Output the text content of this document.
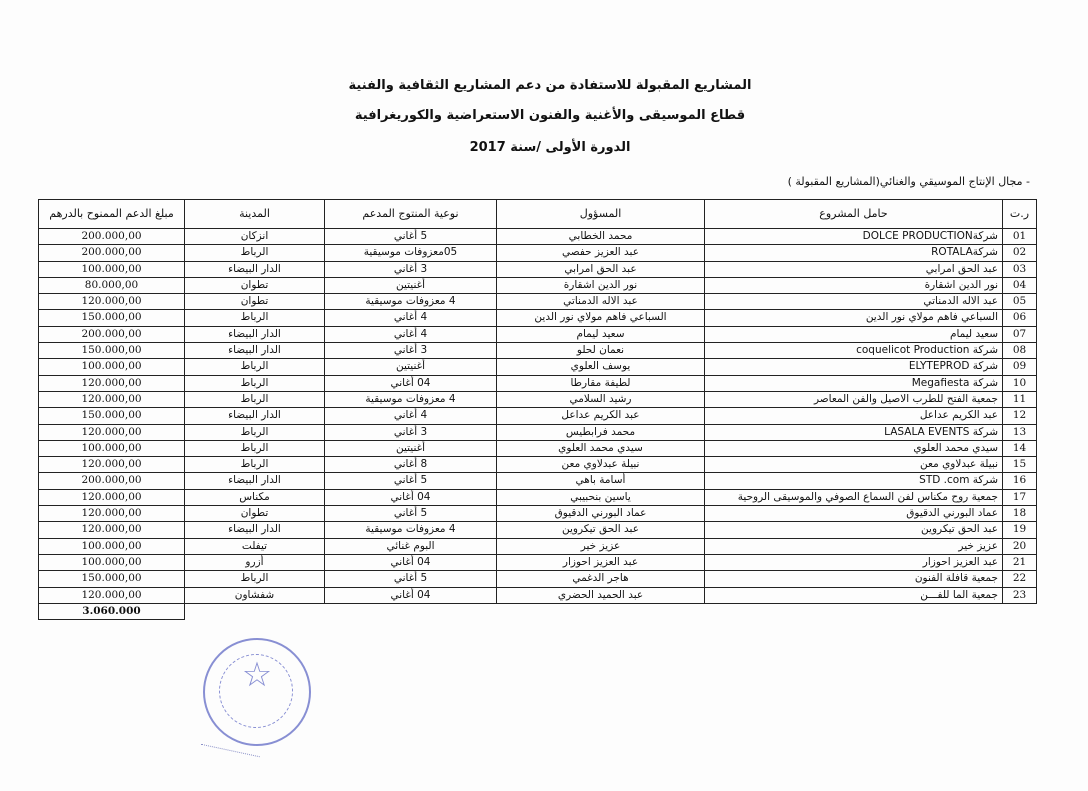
المشاريع المقبولة للاستفادة من دعم المشاريع الثقافية والفنية
قطاع الموسيقى والأغنية والفنون الاستعراضية والكوريغرافية
الدورة الأولى /سنة 2017
- مجال الإنتاج الموسيقي والغنائي(المشاريع المقبولة )
ر.ت	حامل المشروع	المسؤول	نوعية المنتوج المدعم	المدينة	مبلغ الدعم الممنوح بالدرهم
01	شركةDOLCE PRODUCTION	محمد الخطابي	5 أغاني	انزكان	200.000,00
02	شركةROTALA	عبد العزيز حفصي	05معزوفات موسيقية	الرباط	200.000,00
03	عبد الحق امرابي	عبد الحق امرابي	3 أغاني	الدار البيضاء	100.000,00
04	نور الدين اشقارة	نور الدين اشقارة	أغنيتين	تطوان	80.000,00
05	عبد الاله الدمناتي	عبد الاله الدمناتي	4 معزوفات موسيقية	تطوان	120.000,00
06	السباعي فاهم مولاي نور الدين	السباعي فاهم مولاي نور الدين	4 أغاني	الرباط	150.000,00
07	سعيد ليمام	سعيد ليمام	4 أغاني	الدار البيضاء	200.000,00
08	شركة coquelicot Production	نعمان لحلو	3 أغاني	الدار البيضاء	150.000,00
09	شركة ELYTEPROD	يوسف العلوي	أغنيتين	الرباط	100.000,00
10	شركة Megafiesta	لطيفة مقارطا	04 أغاني	الرباط	120.000,00
11	جمعية الفتح للطرب الاصيل والفن المعاصر	رشيد السلامي	4 معزوفات موسيقية	الرباط	120.000,00
12	عبد الكريم عداعل	عبد الكريم عداعل	4 أغاني	الدار البيضاء	150.000,00
13	شركة LASALA EVENTS	محمد فرابطيس	3 أغاني	الرباط	120.000,00
14	سيدي محمد العلوي	سيدي محمد العلوي	أغنيتين	الرباط	100.000,00
15	نبيلة عبدلاوي معن	نبيلة عبدلاوي معن	8 أغاني	الرباط	120.000,00
16	شركة STD .com	أسامة باهي	5 أغاني	الدار البيضاء	200.000,00
17	جمعية روح مكناس لفن السماع الصوفي والموسيقى الروحية	ياسين بنحبيبي	04 أغاني	مكناس	120.000,00
18	عماد البورني الدقيوق	عماد البورني الدقيوق	5 أغاني	تطوان	120.000,00
19	عبد الحق تيكروين	عبد الحق تيكروين	4 معزوفات موسيقية	الدار البيضاء	120.000,00
20	عزيز خير	عزيز خير	البوم غنائي	تيفلت	100.000,00
21	عبد العزيز احوزار	عبد العزيز احوزار	04 أغاني	أزرو	100.000,00
22	جمعية قافلة الفنون	هاجر الدغمي	5 أغاني	الرباط	150.000,00
23	جمعية الما للفـــن	عبد الحميد الحضري	04 أغاني	شفشاون	120.000,00
					3.060.000
☆
